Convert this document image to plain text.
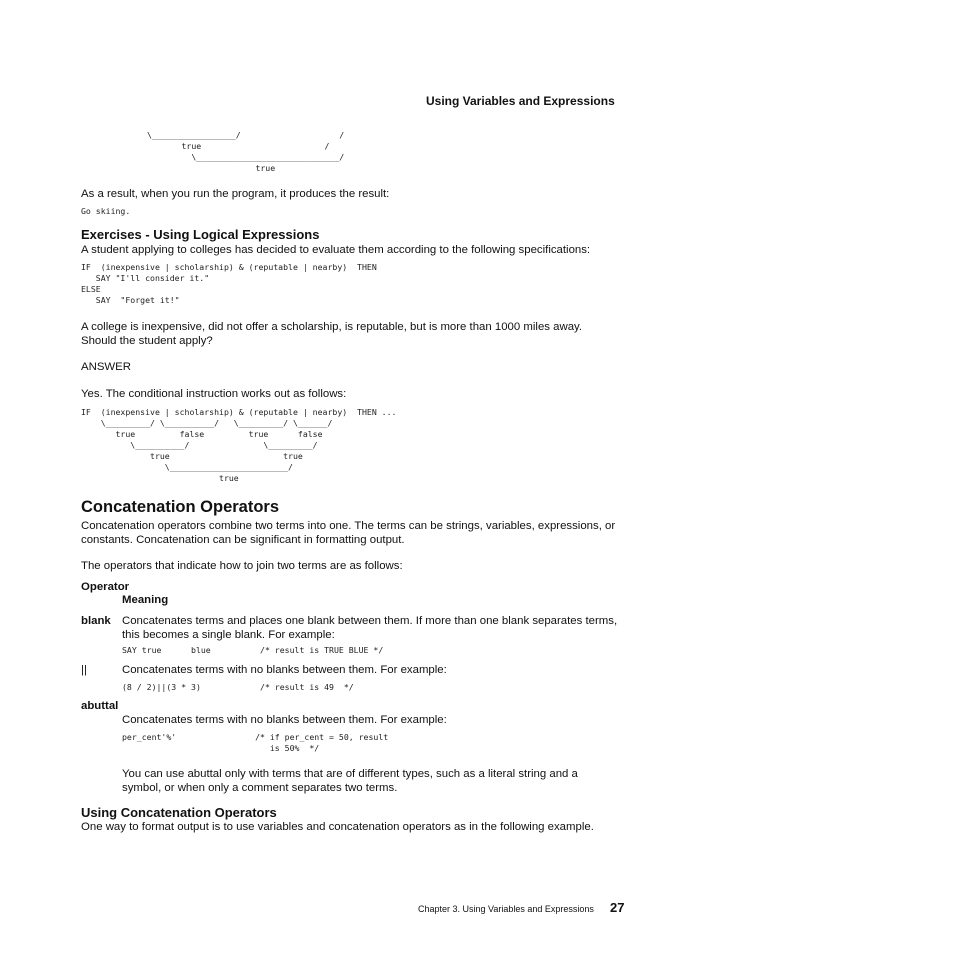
Using Variables and Expressions
\_________________/                    /
true                         /
\_____________________________/
true
As a result, when you run the program, it produces the result:
Go skiing.
Exercises - Using Logical Expressions
A student applying to colleges has decided to evaluate them according to the following specifications:
IF  (inexpensive | scholarship) & (reputable | nearby)  THEN
SAY "I'll consider it."
ELSE
SAY  "Forget it!"
A college is inexpensive, did not offer a scholarship, is reputable, but is more than 1000 miles away. Should the student apply?
ANSWER
Yes. The conditional instruction works out as follows:
IF  (inexpensive | scholarship) & (reputable | nearby)  THEN ...
\_________/ \__________/   \_________/ \______/
true         false         true      false
\__________/               \_________/
true                       true
\________________________/
true
Concatenation Operators
Concatenation operators combine two terms into one. The terms can be strings, variables, expressions, or constants. Concatenation can be significant in formatting output.
The operators that indicate how to join two terms are as follows:
Operator
Meaning
blank Concatenates terms and places one blank between them. If more than one blank separates terms, this becomes a single blank. For example:
SAY true      blue          /* result is TRUE BLUE */
||	Concatenates terms with no blanks between them. For example:
(8 / 2)||(3 * 3)            /* result is 49  */
abuttal
Concatenates terms with no blanks between them. For example:
per_cent'%'                /* if per_cent = 50, result
is 50%  */
You can use abuttal only with terms that are of different types, such as a literal string and a symbol, or when only a comment separates two terms.
Using Concatenation Operators
One way to format output is to use variables and concatenation operators as in the following example.
Chapter 3. Using Variables and Expressions 27
